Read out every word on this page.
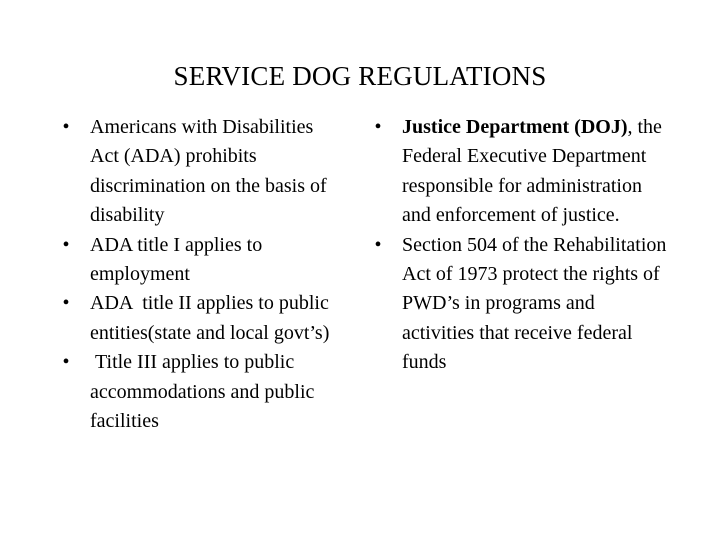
SERVICE DOG REGULATIONS
•	Americans with Disabilities Act (ADA) prohibits discrimination on the basis of disability
•	ADA title I applies to employment
•	ADA  title II applies to public entities(state and local govt’s)
•	Title III applies to public accommodations and public facilities
•	Justice Department (DOJ), the Federal Executive Department responsible for administration and enforcement of justice.
•	Section 504 of the Rehabilitation Act of 1973 protect the rights of PWD’s in programs and activities that receive federal funds
